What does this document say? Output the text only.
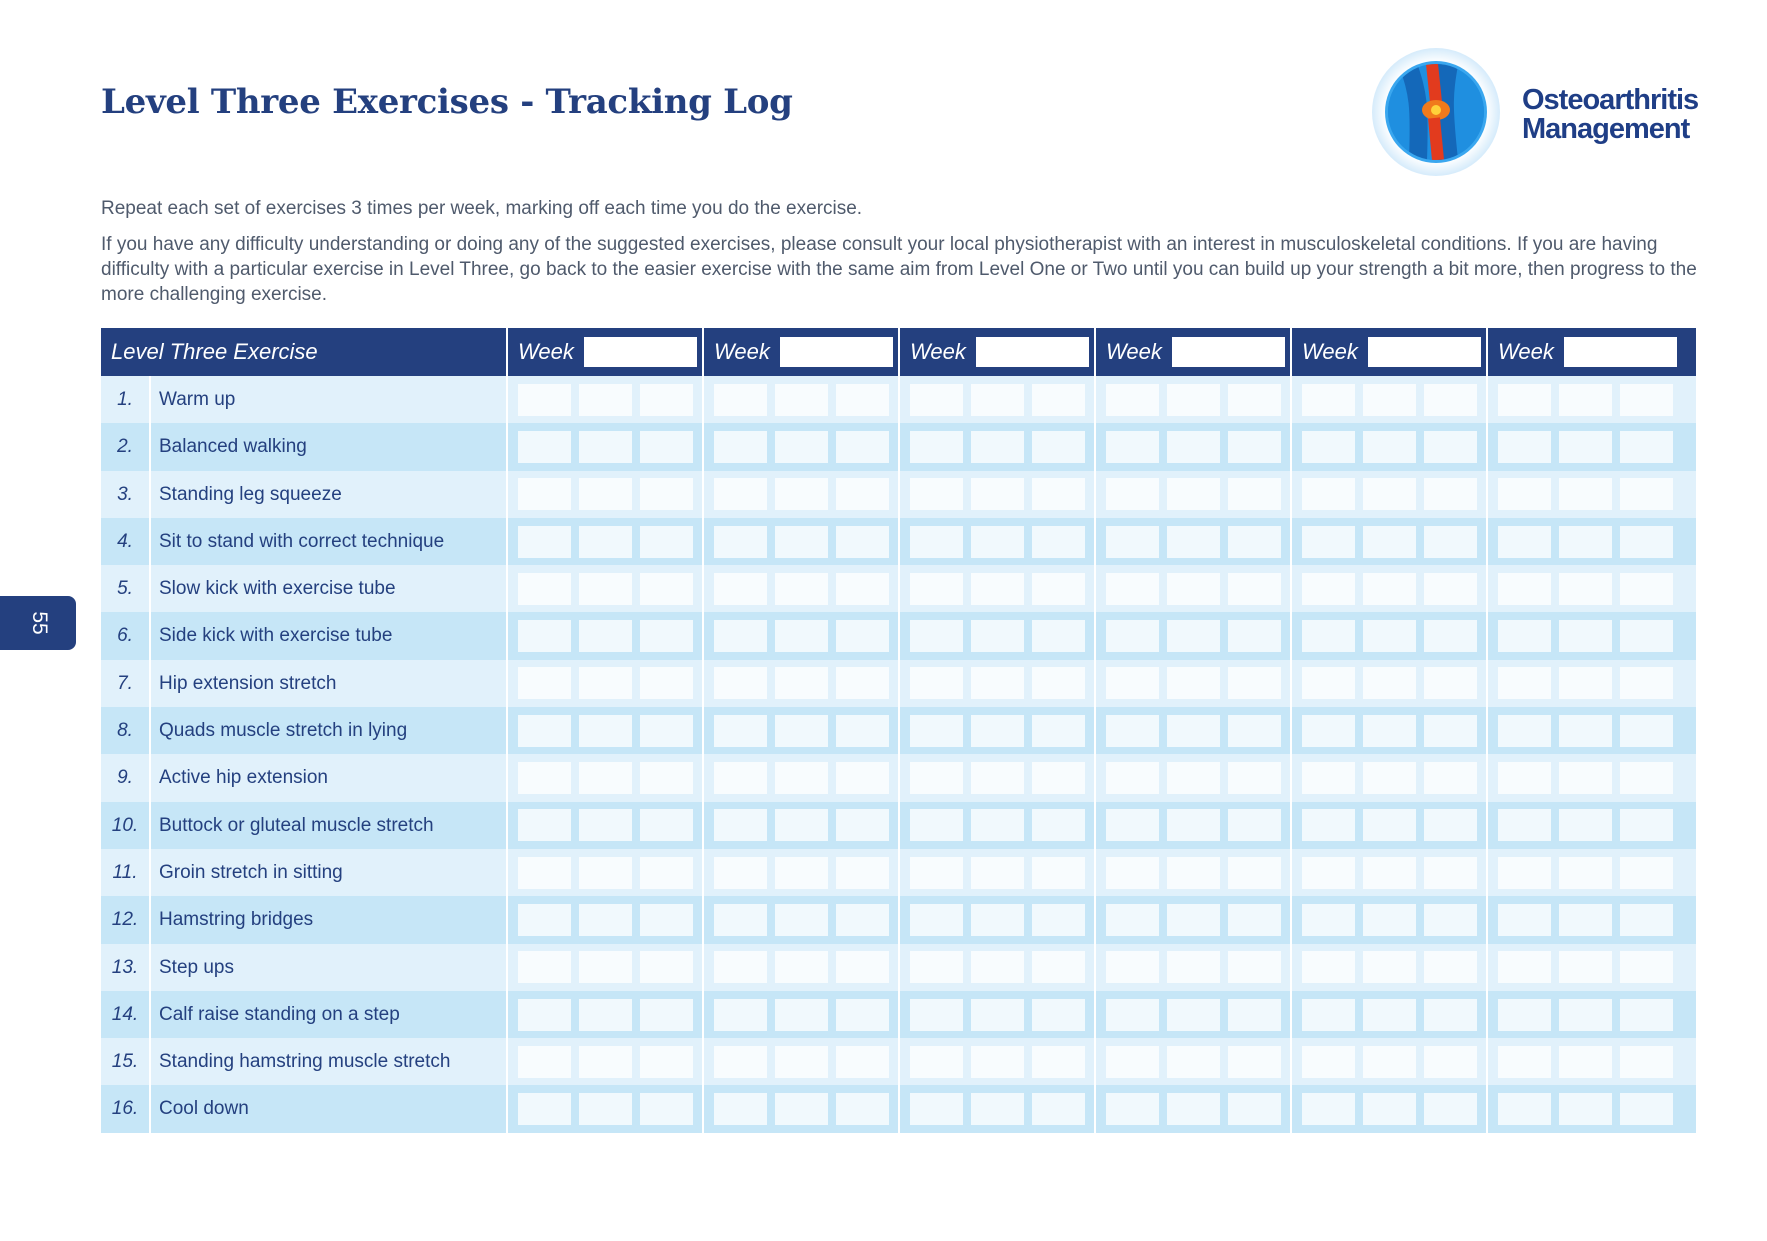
Level Three Exercises - Tracking Log	Osteoarthritis
Management

Repeat each set of exercises 3 times per week, marking off each time you do the exercise.

If you have any difficulty understanding or doing any of the suggested exercises, please consult your local physiotherapist with an interest in musculoskeletal conditions. If you are having difficulty with a particular exercise in Level Three, go back to the easier exercise with the same aim from Level One or Two until you can build up your strength a bit more, then progress to the more challenging exercise.

55
Level Three Exercise	Week	Week	Week	Week	Week	Week
1.	Warm up
2.	Balanced walking
3.	Standing leg squeeze
4.	Sit to stand with correct technique
5.	Slow kick with exercise tube
6.	Side kick with exercise tube
7.	Hip extension stretch
8.	Quads muscle stretch in lying
9.	Active hip extension
10.	Buttock or gluteal muscle stretch
11.	Groin stretch in sitting
12.	Hamstring bridges
13.	Step ups
14.	Calf raise standing on a step
15.	Standing hamstring muscle stretch
16.	Cool down
